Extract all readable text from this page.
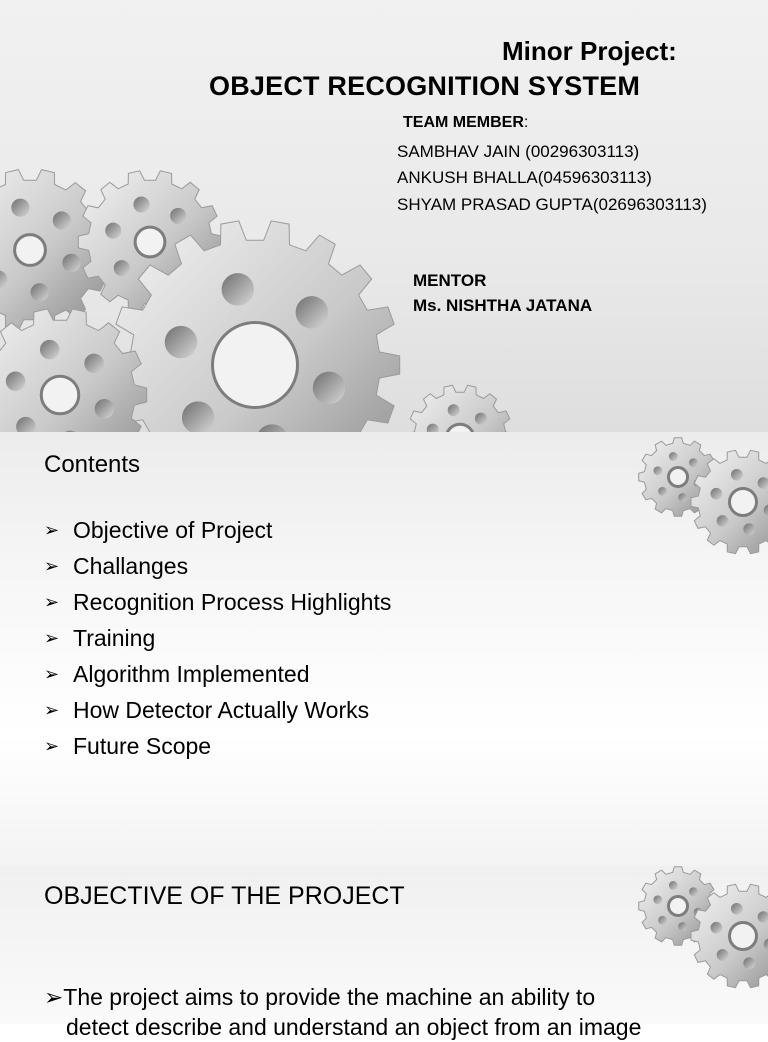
Minor Project:
OBJECT RECOGNITION SYSTEM
TEAM MEMBER:
SAMBHAV JAIN (00296303113)
ANKUSH BHALLA(04596303113)
SHYAM PRASAD GUPTA(02696303113)
MENTOR
Ms. NISHTHA JATANA
Contents
➢ Objective of Project
➢ Challanges
➢ Recognition Process Highlights
➢ Training
➢ Algorithm Implemented
➢ How Detector Actually Works
➢ Future Scope
OBJECTIVE OF THE PROJECT
➢The project aims to provide the machine an ability to
detect describe and understand an object from an image
